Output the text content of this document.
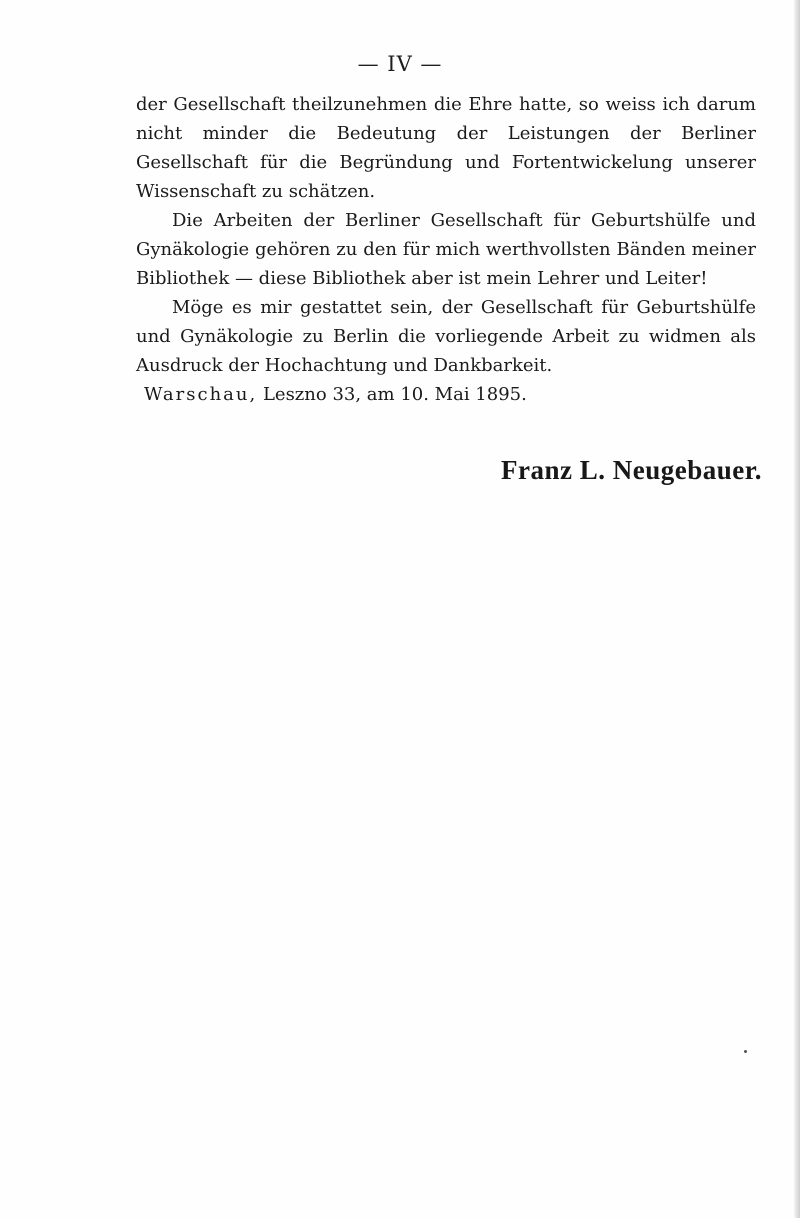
— IV —

der Gesellschaft theilzunehmen die Ehre hatte, so weiss ich darum nicht minder die Bedeutung der Leistungen der Berliner Gesellschaft für die Begründung und Fortentwickelung unserer Wissenschaft zu schätzen.

Die Arbeiten der Berliner Gesellschaft für Geburtshülfe und Gynäkologie gehören zu den für mich werthvollsten Bänden meiner Bibliothek — diese Bibliothek aber ist mein Lehrer und Leiter!

Möge es mir gestattet sein, der Gesellschaft für Geburtshülfe und Gynäkologie zu Berlin die vorliegende Arbeit zu widmen als Ausdruck der Hochachtung und Dankbarkeit.

Warschau, Leszno 33, am 10. Mai 1895.

Franz L. Neugebauer.
